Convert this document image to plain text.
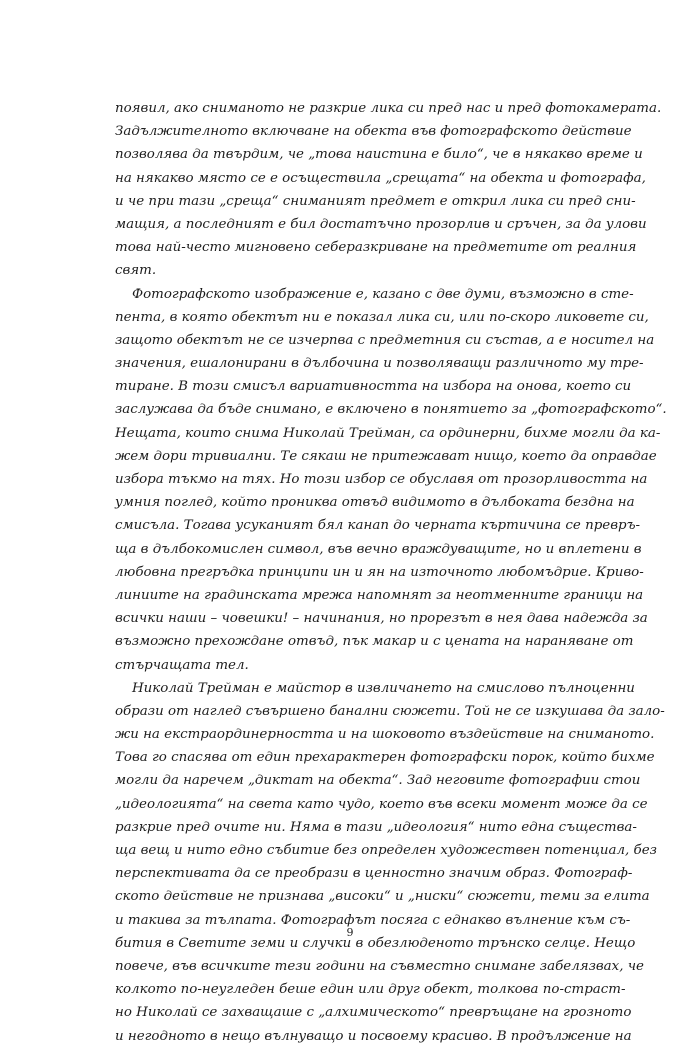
появил, ако сниманото не разкрие лика си пред нас и пред фотокамерата.
Задължителното включване на обекта във фотографското действие
позволява да твърдим, че „това наистина е било“, че в някакво време и
на някакво място се е осъществила „срещата“ на обекта и фотографа,
и че при тази „среща“ снимaният предмет е открил лика си пред сни-
мащия, а последният е бил достатъчно прозорлив и сръчен, за да улови
това най-често мигновено себеразкриване на предметите от реалния
свят.
Фотографското изображение е, казано с две думи, възможно в сте-
пента, в която обектът ни е показал лика си, или по-скоро ликовете си,
защото обектът не се изчерпва с предметния си състав, а е носител на
значения, ешалонирани в дълбочина и позволяващи различното му тре-
тиране. В този смисъл вариативността на избора на онова, което си
заслужава да бъде снимано, е включено в понятието за „фотографското“.
Нещата, които снима Николай Трейман, са ординерни, бихме могли да ка-
жем дори тривиални. Те сякаш не притежават нищо, което да оправдае
избора тъкмо на тях. Но този избор се обуславя от прозорливостта на
умния поглед, който прониква отвъд видимото в дълбоката бездна на
смисъла. Тогава усуканият бял канап до черната къртичина се превръ-
ща в дълбокомислен символ, във вечно враждуващите, но и вплетени в
любовна прегръдка принципи ин и ян на източното любомъдрие. Криво-
линиите на градинската мрежа напомнят за неотменните граници на
всички наши – човешки! – начинания, но прорезът в нея дава надежда за
възможно прехождане отвъд, пък макар и с цената на нараняване от
стърчащата тел.
Николай Трейман е майстор в извличането на смислово пълноценни
образи от наглед съвършено банални сюжети. Той не се изкушава да зало-
жи на екстраординерността и на шоковото въздействие на сниманото.
Това го спасява от един прехарактерен фотографски порок, който бихме
могли да наречем „диктат на обекта“. Зад неговите фотографии стои
„идеологията“ на света като чудо, което във всеки момент може да се
разкрие пред очите ни. Няма в тази „идеология“ нито една същества-
ща вещ и нито едно събитие без определен художествен потенциал, без
перспективата да се преобрази в ценностно значим образ. Фотограф-
ското действие не признава „високи“ и „ниски“ сюжети, теми за елита
и такива за тълпата. Фотографът посяга с еднакво вълнение към съ-
бития в Светите земи и случки в обезлюденото трънско селце. Нещо
повече, във всичките тези години на съвместно снимане забелязвах, че
колкото по-неугледен беше един или друг обект, толкова по-страст-
но Николай се захващаше с „алхимическото“ превръщане на грозното
и негодното в нещо вълнуващо и посвоему красиво. В продължение на
9
